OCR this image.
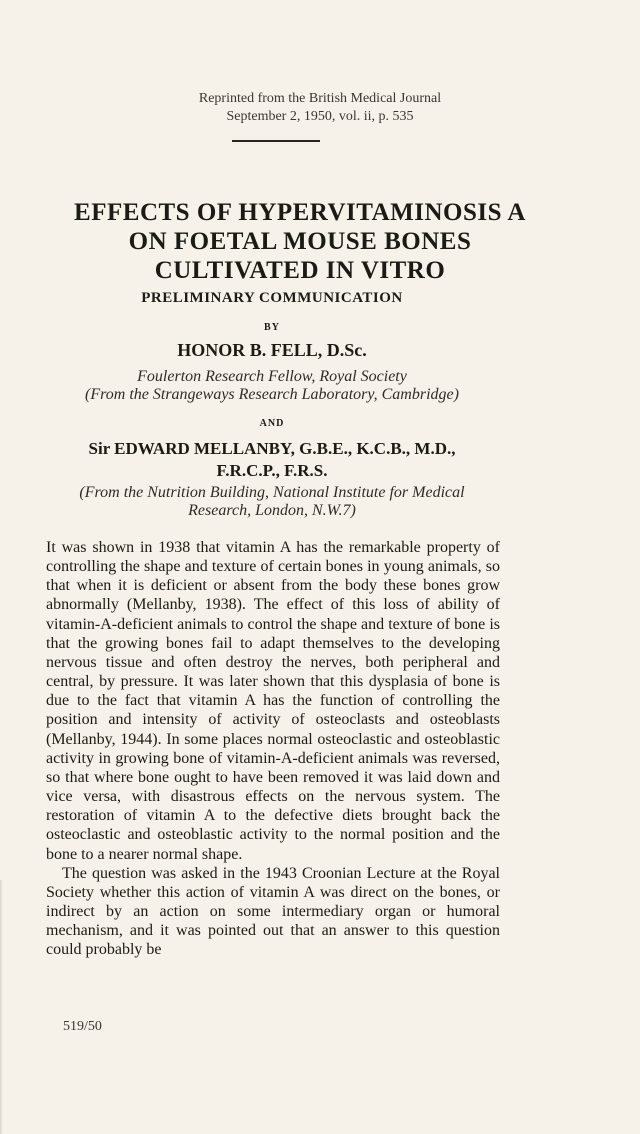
Reprinted from the British Medical Journal
September 2, 1950, vol. ii, p. 535
EFFECTS OF HYPERVITAMINOSIS A
ON FOETAL MOUSE BONES
CULTIVATED IN VITRO
PRELIMINARY COMMUNICATION
BY
HONOR B. FELL, D.Sc.
Foulerton Research Fellow, Royal Society
(From the Strangeways Research Laboratory, Cambridge)
AND
Sir EDWARD MELLANBY, G.B.E., K.C.B., M.D.,
F.R.C.P., F.R.S.
(From the Nutrition Building, National Institute for Medical
Research, London, N.W.7)

It was shown in 1938 that vitamin A has the remarkable property of controlling the shape and texture of certain bones in young animals, so that when it is deficient or absent from the body these bones grow abnormally (Mellanby, 1938). The effect of this loss of ability of vitamin-A-deficient animals to control the shape and texture of bone is that the growing bones fail to adapt themselves to the developing nervous tissue and often destroy the nerves, both peripheral and central, by pressure. It was later shown that this dysplasia of bone is due to the fact that vitamin A has the function of controlling the position and intensity of activity of osteoclasts and osteoblasts (Mellanby, 1944). In some places normal osteoclastic and osteoblastic activity in growing bone of vitamin-A-deficient animals was reversed, so that where bone ought to have been removed it was laid down and vice versa, with disastrous effects on the nervous system. The restoration of vitamin A to the defective diets brought back the osteoclastic and osteoblastic activity to the normal position and the bone to a nearer normal shape.

The question was asked in the 1943 Croonian Lecture at the Royal Society whether this action of vitamin A was direct on the bones, or indirect by an action on some intermediary organ or humoral mechanism, and it was pointed out that an answer to this question could probably be

519/50
